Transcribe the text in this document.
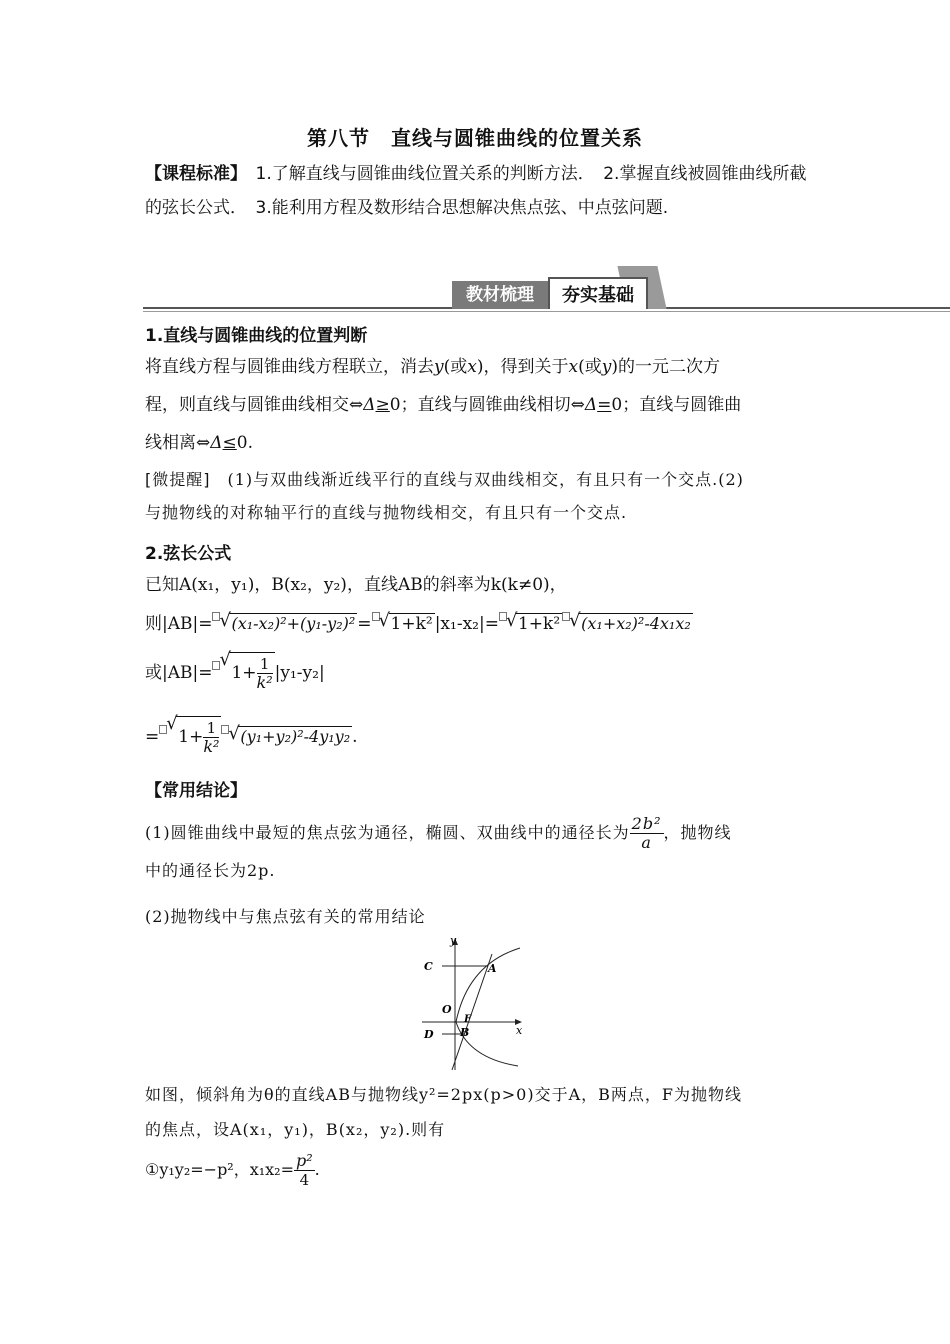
第八节　直线与圆锥曲线的位置关系
【课程标准】　1.了解直线与圆锥曲线位置关系的判断方法．　2.掌握直线被圆锥曲线所截的弦长公式．　3.能利用方程及数形结合思想解决焦点弦、中点弦问题.
教材梳理	夯实基础
1.直线与圆锥曲线的位置判断
将直线方程与圆锥曲线方程联立，消去y(或x)，得到关于x(或y)的一元二次方
程，则直线与圆锥曲线相交⇔Δ≥0；直线与圆锥曲线相切⇔Δ=0；直线与圆锥曲
线相离⇔Δ≤0.
[微提醒]　(1)与双曲线渐近线平行的直线与双曲线相交，有且只有一个交点.(2)
与抛物线的对称轴平行的直线与抛物线相交，有且只有一个交点.
2.弦长公式
已知A(x₁，y₁)，B(x₂，y₂)，直线AB的斜率为k(k≠0)，
则|AB|= √ (x₁-x₂)²+(y₁-y₂)² = √ 1+k² |x₁-x₂|= √ 1+k² √ (x₁+x₂)²-4x₁x₂
或|AB|= √ $1+ \frac{1}{\text{k²}} |y_1-y_2|$
= √ $1+ \frac{1}{\text{k²}}$ √ (y₁+y₂)²-4y₁y₂ .
【常用结论】
(1)圆锥曲线中最短的焦点弦为通径，椭圆、双曲线中的通径长为 $\frac{\text{2b²}}{a}$ ，抛物线
中的通径长为2p.
(2)抛物线中与焦点弦有关的常用结论
y
x
C	A
O
F
D B
如图，倾斜角为θ的直线AB与抛物线y²=2px(p>0)交于A，B两点，F为抛物线
的焦点，设A(x₁，y₁)，B(x₂，y₂).则有
①y₁y₂=−p²，$x_1x_2= \frac{\text{p²}}{4}$ .
